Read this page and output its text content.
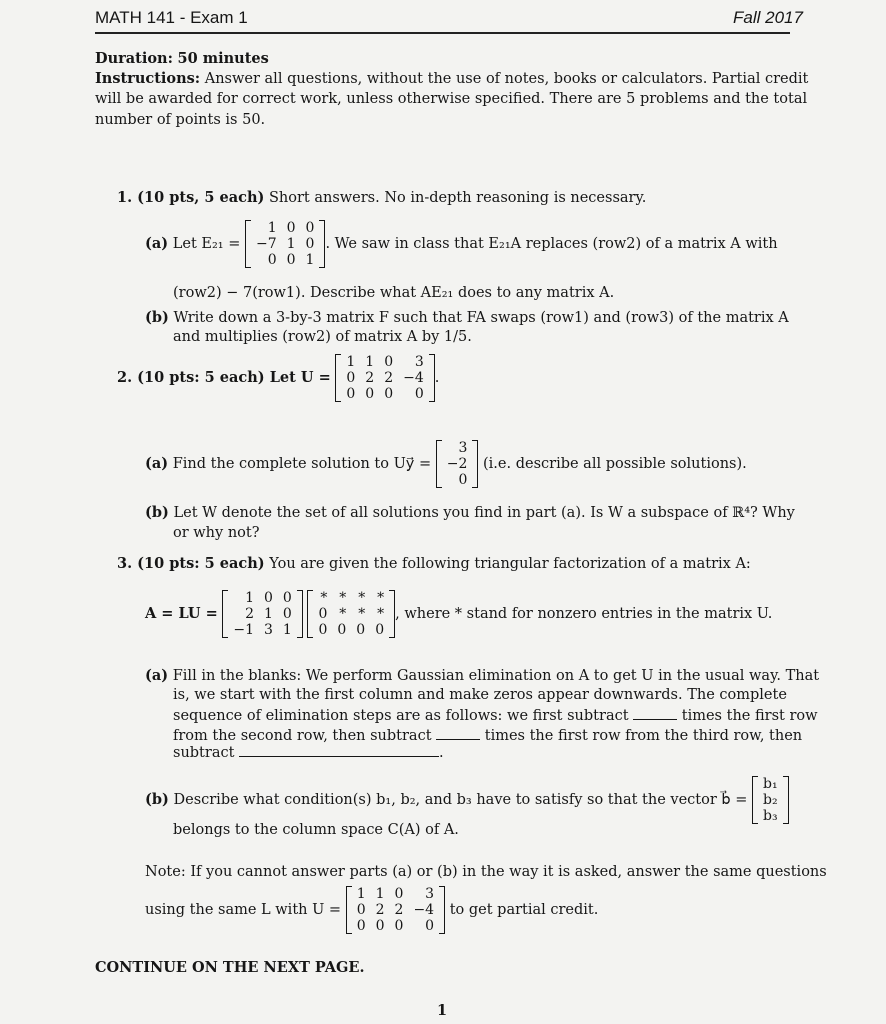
MATH 141 - Exam 1	Fall 2017
Duration: 50 minutes
Instructions: Answer all questions, without the use of notes, books or calculators. Partial credit
will be awarded for correct work, unless otherwise specified. There are 5 problems and the total
number of points is 50.
1. (10 pts, 5 each) Short answers. No in-depth reasoning is necessary.
(a) Let E₂₁ =
1	0	0
−7	1	0
0	0	1
. We saw in class that E₂₁A replaces (row2) of a matrix A with
(row2) − 7(row1). Describe what AE₂₁ does to any matrix A.
(b) Write down a 3-by-3 matrix F such that FA swaps (row1) and (row3) of the matrix A
and multiplies (row2) of matrix A by 1/5.
2. (10 pts: 5 each) Let U =
1	1	0	3
0	2	2	−4
0	0	0	0
.
(a) Find the complete solution to Uy⃗ =
3
−2
0
(i.e. describe all possible solutions).
(b) Let W denote the set of all solutions you find in part (a). Is W a subspace of ℝ⁴? Why
or why not?
3. (10 pts: 5 each) You are given the following triangular factorization of a matrix A:
A = LU =
1	0	0
2	1	0
−1	3	1

*	*	*	*
0	*	*	*
0	0	0	0
, where * stand for nonzero entries in the matrix U.
(a) Fill in the blanks: We perform Gaussian elimination on A to get U in the usual way. That
is, we start with the first column and make zeros appear downwards. The complete
sequence of elimination steps are as follows: we first subtract	times the first row
from the second row, then subtract	times the first row from the third row, then
subtract	.
(b) Describe what condition(s) b₁, b₂, and b₃ have to satisfy so that the vector b⃗ =
b₁
b₂
b₃
belongs to the column space C(A) of A.
Note: If you cannot answer parts (a) or (b) in the way it is asked, answer the same questions
using the same L with U =
1	1	0	3
0	2	2	−4
0	0	0	0
to get partial credit.
CONTINUE ON THE NEXT PAGE.
1
